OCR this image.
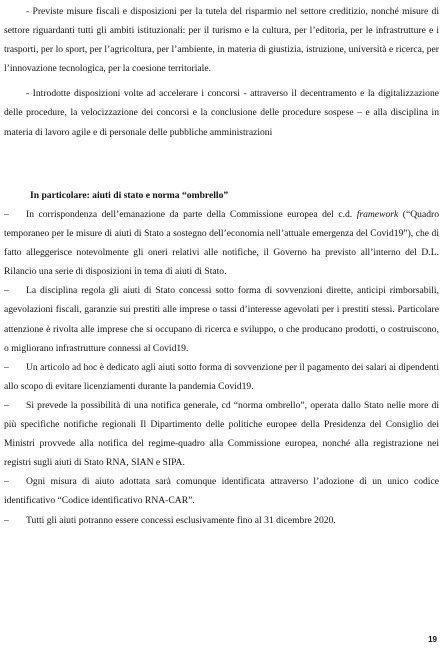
- Previste misure fiscali e disposizioni per la tutela del risparmio nel settore creditizio, nonché misure di settore riguardanti tutti gli ambiti istituzionali: per il turismo e la cultura, per l’editoria, per le infrastrutture e i trasporti, per lo sport, per l’agricoltura, per l’ambiente, in materia di giustizia, istruzione, università e ricerca, per l’innovazione tecnologica, per la coesione territoriale.

- Introdotte disposizioni volte ad accelerare i concorsi - attraverso il decentramento e la digitalizzazione delle procedure, la velocizzazione dei concorsi e la conclusione delle procedure sospese – e alla disciplina in materia di lavoro agile e di personale delle pubbliche amministrazioni

In particolare: aiuti di stato e norma “ombrello”

– In corrispondenza dell’emanazione da parte della Commissione europea del c.d. framework (“Quadro temporaneo per le misure di aiuti di Stato a sostegno dell’economia nell’attuale emergenza del Covid19”), che di fatto alleggerisce notevolmente gli oneri relativi alle notifiche, il Governo ha previsto all’interno del D.L. Rilancio una serie di disposizioni in tema di aiuti di Stato.

– La disciplina regola gli aiuti di Stato concessi sotto forma di sovvenzioni dirette, anticipi rimborsabili, agevolazioni fiscali, garanzie sui prestiti alle imprese o tassi d’interesse agevolati per i prestiti stessi. Particolare attenzione è rivolta alle imprese che si occupano di ricerca e sviluppo, o che producano prodotti, o costruiscono, o migliorano infrastrutture connessi al Covid19.

– Un articolo ad hoc è dedicato agli aiuti sotto forma di sovvenzione per il pagamento dei salari ai dipendenti allo scopo di evitare licenziamenti durante la pandemia Covid19.

– Si prevede la possibilità di una notifica generale, cd “norma ombrello”, operata dallo Stato nelle more di più specifiche notifiche regionali Il Dipartimento delle politiche europee della Presidenza del Consiglio dei Ministri provvede alla notifica del regime-quadro alla Commissione europea, nonché alla registrazione nei registri sugli aiuti di Stato RNA, SIAN e SIPA.

– Ogni misura di aiuto adottata sarà comunque identificata attraverso l’adozione di un unico codice identificativo “Codice identificativo RNA-CAR”.

– Tutti gli aiuti potranno essere concessi esclusivamente fino al 31 dicembre 2020.

19
